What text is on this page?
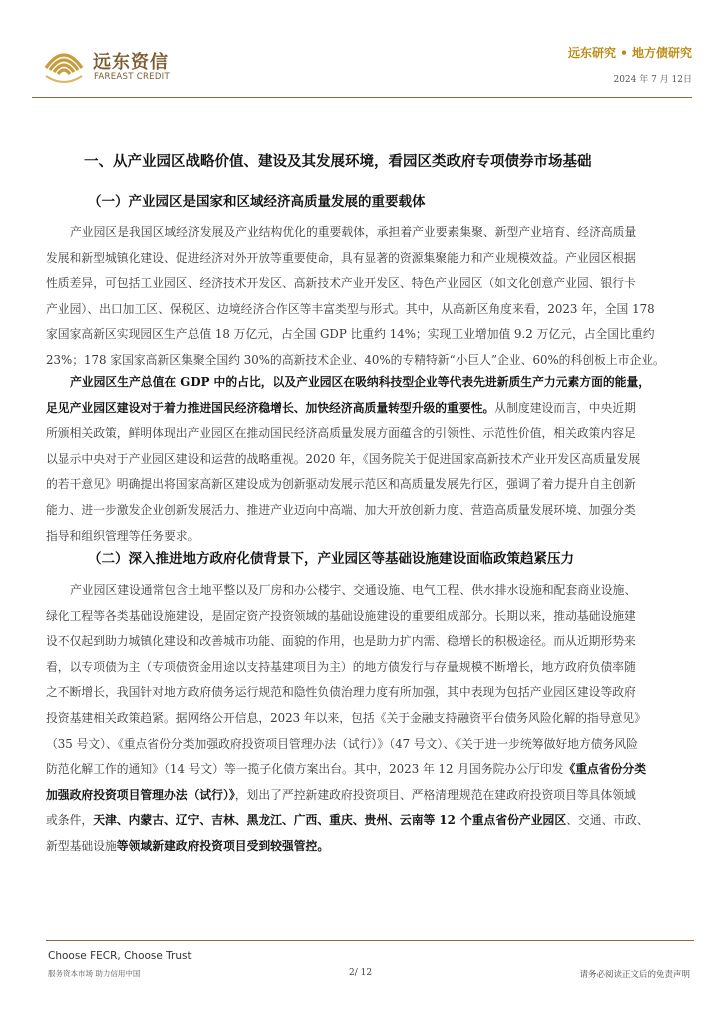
远东资信
FAREAST CREDIT
远东研究 • 地方债研究
2024 年 7 月 12日
一、从产业园区战略价值、建设及其发展环境，看园区类政府专项债券市场基础
（一）产业园区是国家和区域经济高质量发展的重要载体
产业园区是我国区域经济发展及产业结构优化的重要载体，承担着产业要素集聚、新型产业培育、经济高质量
发展和新型城镇化建设、促进经济对外开放等重要使命，具有显著的资源集聚能力和产业规模效益。产业园区根据
性质差异，可包括工业园区、经济技术开发区、高新技术产业开发区、特色产业园区（如文化创意产业园、银行卡
产业园）、出口加工区、保税区、边境经济合作区等丰富类型与形式。其中，从高新区角度来看，2023 年，全国 178
家国家高新区实现园区生产总值 18 万亿元，占全国 GDP 比重约 14%；实现工业增加值 9.2 万亿元，占全国比重约
23%；178 家国家高新区集聚全国约 30%的高新技术企业、40%的专精特新“小巨人”企业、60%的科创板上市企业。
产业园区生产总值在 GDP 中的占比，以及产业园区在吸纳科技型企业等代表先进新质生产力元素方面的能量，
足见产业园区建设对于着力推进国民经济稳增长、加快经济高质量转型升级的重要性。从制度建设而言，中央近期
所颁相关政策，鲜明体现出产业园区在推动国民经济高质量发展方面蕴含的引领性、示范性价值，相关政策内容足
以显示中央对于产业园区建设和运营的战略重视。2020 年，《国务院关于促进国家高新技术产业开发区高质量发展
的若干意见》明确提出将国家高新区建设成为创新驱动发展示范区和高质量发展先行区，强调了着力提升自主创新
能力、进一步激发企业创新发展活力、推进产业迈向中高端、加大开放创新力度、营造高质量发展环境、加强分类
指导和组织管理等任务要求。
（二）深入推进地方政府化债背景下，产业园区等基础设施建设面临政策趋紧压力
产业园区建设通常包含土地平整以及厂房和办公楼宇、交通设施、电气工程、供水排水设施和配套商业设施、
绿化工程等各类基础设施建设，是固定资产投资领域的基础设施建设的重要组成部分。长期以来，推动基础设施建
设不仅起到助力城镇化建设和改善城市功能、面貌的作用，也是助力扩内需、稳增长的积极途径。而从近期形势来
看，以专项债为主（专项债资金用途以支持基建项目为主）的地方债发行与存量规模不断增长，地方政府负债率随
之不断增长，我国针对地方政府债务运行规范和隐性负债治理力度有所加强，其中表现为包括产业园区建设等政府
投资基建相关政策趋紧。据网络公开信息，2023 年以来，包括《关于金融支持融资平台债务风险化解的指导意见》
（35 号文）、《重点省份分类加强政府投资项目管理办法（试行）》（47 号文）、《关于进一步统筹做好地方债务风险
防范化解工作的通知》（14 号文）等一揽子化债方案出台。其中，2023 年 12 月国务院办公厅印发《重点省份分类
加强政府投资项目管理办法（试行）》，划出了严控新建政府投资项目、严格清理规范在建政府投资项目等具体领域
或条件，天津、内蒙古、辽宁、吉林、黑龙江、广西、重庆、贵州、云南等 12 个重点省份产业园区、交通、市政、
新型基础设施等领域新建政府投资项目受到较强管控。
Choose FECR, Choose Trust
服务资本市场 助力信用中国	2/ 12	请务必阅读正文后的免责声明
